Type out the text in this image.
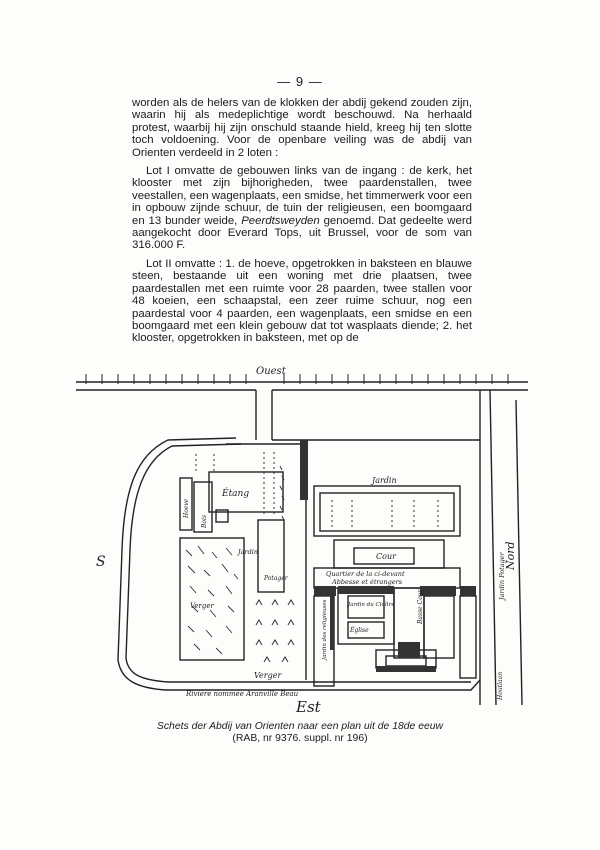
— 9 —

worden als de helers van de klokken der abdij gekend zouden zijn, waarin hij als medeplichtige wordt beschouwd. Na herhaald protest, waarbij hij zijn onschuld staande hield, kreeg hij ten slotte toch voldoening. Voor de openbare veiling was de abdij van Orienten verdeeld in 2 loten :

Lot I omvatte de gebouwen links van de ingang : de kerk, het klooster met zijn bijhorigheden, twee paardenstallen, twee veestallen, een wagenplaats, een smidse, het timmerwerk voor een in opbouw zijnde schuur, de tuin der religieusen, een boomgaard en 13 bunder weide, Peerdtsweyden genoemd. Dat gedeelte werd aangekocht door Everard Tops, uit Brussel, voor de som van 316.000 F.

Lot II omvatte : 1. de hoeve, opgetrokken in baksteen en blauwe steen, bestaande uit een woning met drie plaatsen, twee paardestallen met een ruimte voor 28 paarden, twee stallen voor 48 koeien, een schaapstal, een zeer ruime schuur, nog een paardestal voor 4 paarden, een wagenplaats, een smidse en een boomgaard met een klein gebouw dat tot wasplaats diende; 2. het klooster, opgetrokken in baksteen, met op de

Ouest
Est
S	Nord
Étang
Jardin
Cour
Quartier de la ci-devant
Abbesse et étrangers
Jardin
Potager
Verger
Verger	Jardin du Cloître
Église
Basse Cour
Jardin des religieuses
Jardin Potager
Hoeve
Bois
Rivière nommée Aranville Beau	Houtlaan
Schets der Abdij van Orienten naar een plan uit de 18de eeuw
(RAB, nr 9376. suppl. nr 196)
